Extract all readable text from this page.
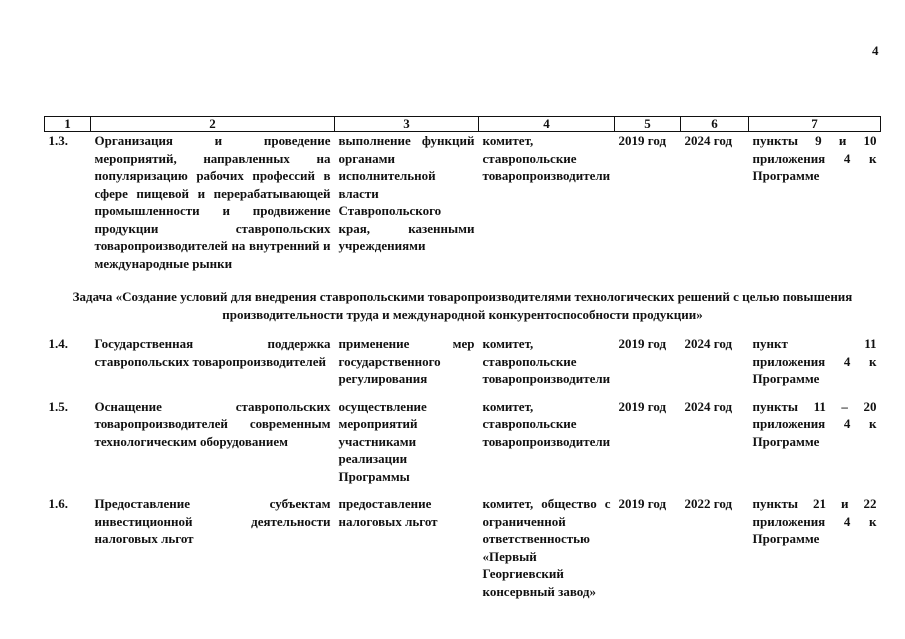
4
1	2	3	4	5	6	7
1.3.	Организация и проведение мероприятий, направленных на популяризацию рабочих профессий в сфере пищевой и перерабатывающей промышленности и продвижение продукции ставропольских товаропроизводителей на внутренний и международные рынки	выполнение функций органами исполнительной власти Ставропольского края, казенными учреждениями	комитет, ставропольские товаропроизводители	2019 год	2024 год	пункты 9 и 10 приложения 4 к Программе
Задача «Создание условий для внедрения ставропольскими товаропроизводителями технологических решений с целью повышения производительности труда и международной конкурентоспособности продукции»						
1.4.	Государственная поддержка ставропольских товаропроизводителей	применение мер государственного регулирования	комитет, ставропольские товаропроизводители	2019 год	2024 год	пункт 11 приложения 4 к Программе

1.5.	Оснащение ставропольских товаропроизводителей современным технологическим оборудованием	осуществление мероприятий участниками реализации Программы	комитет, ставропольские товаропроизводители	2019 год	2024 год	пункты 11 – 20 приложения 4 к Программе

1.6.	Предоставление субъектам инвестиционной деятельности налоговых льгот	предоставление налоговых льгот	комитет, общество с ограниченной ответственностью «Первый Георгиевский консервный завод»	2019 год	2022 год	пункты 21 и 22 приложения 4 к Программе
